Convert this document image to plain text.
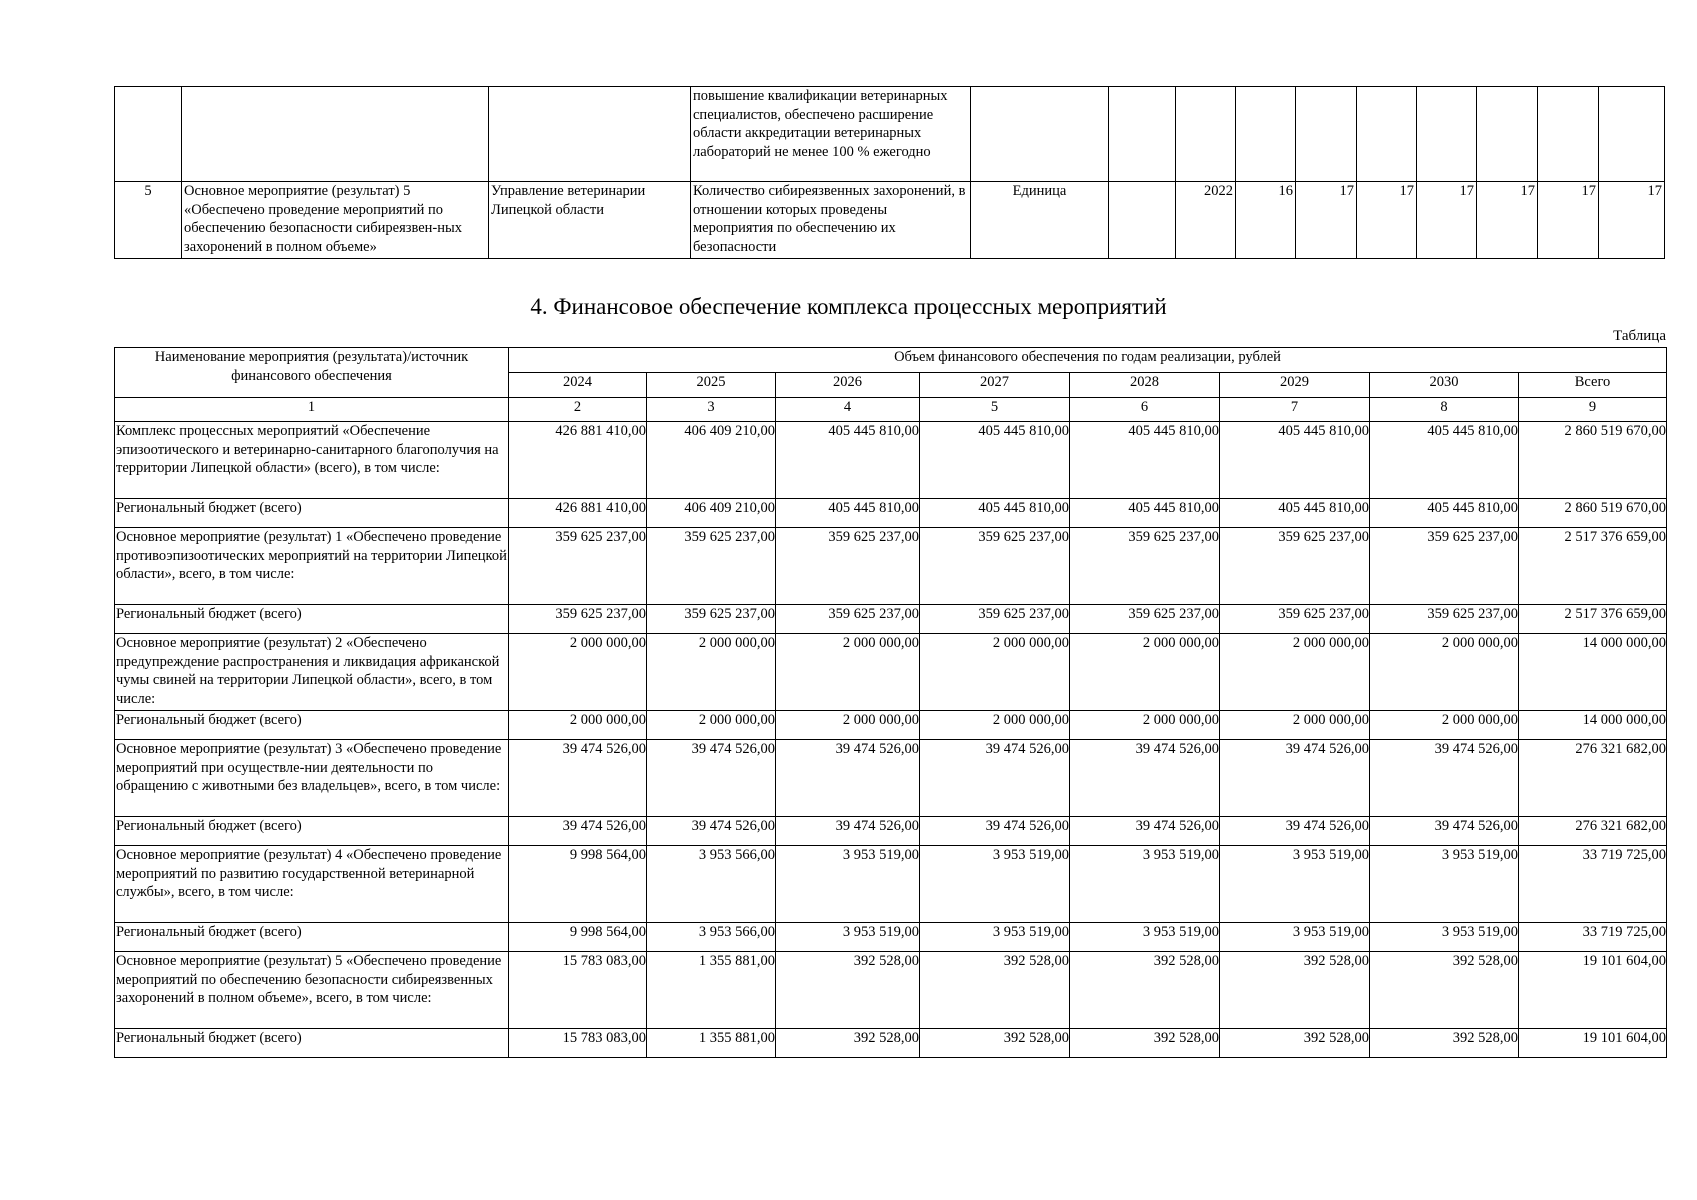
			повышение квалификации ветеринарных специалистов, обеспечено расширение области аккредитации ветеринарных лабораторий не менее 100 % ежегодно										
5	Основное мероприятие (результат) 5 «Обеспечено проведение мероприятий по обеспечению безопасности сибиреязвен-ных захоронений в полном объеме»	Управление ветеринарии Липецкой области	Количество сибиреязвенных захоронений, в отношении которых проведены мероприятия по обеспечению их безопасности	Единица		2022	16	17	17	17	17	17	17
4. Финансовое обеспечение комплекса процессных мероприятий
Таблица
Наименование мероприятия (результата)/источник финансового обеспечения	Объем финансового обеспечения по годам реализации, рублей							
	2024	2025	2026	2027	2028	2029	2030	Всего
1	2	3	4	5	6	7	8	9
Комплекс процессных мероприятий «Обеспечение эпизоотического и ветеринарно-санитарного благополучия на территории Липецкой области» (всего), в том числе:	426 881 410,00	406 409 210,00	405 445 810,00	405 445 810,00	405 445 810,00	405 445 810,00	405 445 810,00	2 860 519 670,00
Региональный бюджет (всего)	426 881 410,00	406 409 210,00	405 445 810,00	405 445 810,00	405 445 810,00	405 445 810,00	405 445 810,00	2 860 519 670,00
Основное мероприятие (результат) 1 «Обеспечено проведение противоэпизоотических мероприятий на территории Липецкой области», всего, в том числе:	359 625 237,00	359 625 237,00	359 625 237,00	359 625 237,00	359 625 237,00	359 625 237,00	359 625 237,00	2 517 376 659,00
Региональный бюджет (всего)	359 625 237,00	359 625 237,00	359 625 237,00	359 625 237,00	359 625 237,00	359 625 237,00	359 625 237,00	2 517 376 659,00
Основное мероприятие (результат) 2 «Обеспечено предупреждение распространения и ликвидация африканской чумы свиней на территории Липецкой области», всего, в том числе:	2 000 000,00	2 000 000,00	2 000 000,00	2 000 000,00	2 000 000,00	2 000 000,00	2 000 000,00	14 000 000,00
Региональный бюджет (всего)	2 000 000,00	2 000 000,00	2 000 000,00	2 000 000,00	2 000 000,00	2 000 000,00	2 000 000,00	14 000 000,00
Основное мероприятие (результат) 3 «Обеспечено проведение мероприятий при осуществле-нии деятельности по обращению с животными без владельцев», всего, в том числе:	39 474 526,00	39 474 526,00	39 474 526,00	39 474 526,00	39 474 526,00	39 474 526,00	39 474 526,00	276 321 682,00
Региональный бюджет (всего)	39 474 526,00	39 474 526,00	39 474 526,00	39 474 526,00	39 474 526,00	39 474 526,00	39 474 526,00	276 321 682,00
Основное мероприятие (результат) 4 «Обеспечено проведение мероприятий по развитию государственной ветеринарной службы», всего, в том числе:	9 998 564,00	3 953 566,00	3 953 519,00	3 953 519,00	3 953 519,00	3 953 519,00	3 953 519,00	33 719 725,00
Региональный бюджет (всего)	9 998 564,00	3 953 566,00	3 953 519,00	3 953 519,00	3 953 519,00	3 953 519,00	3 953 519,00	33 719 725,00
Основное мероприятие (результат) 5 «Обеспечено проведение мероприятий по обеспечению безопасности сибиреязвенных захоронений в полном объеме», всего, в том числе:	15 783 083,00	1 355 881,00	392 528,00	392 528,00	392 528,00	392 528,00	392 528,00	19 101 604,00
Региональный бюджет (всего)	15 783 083,00	1 355 881,00	392 528,00	392 528,00	392 528,00	392 528,00	392 528,00	19 101 604,00
